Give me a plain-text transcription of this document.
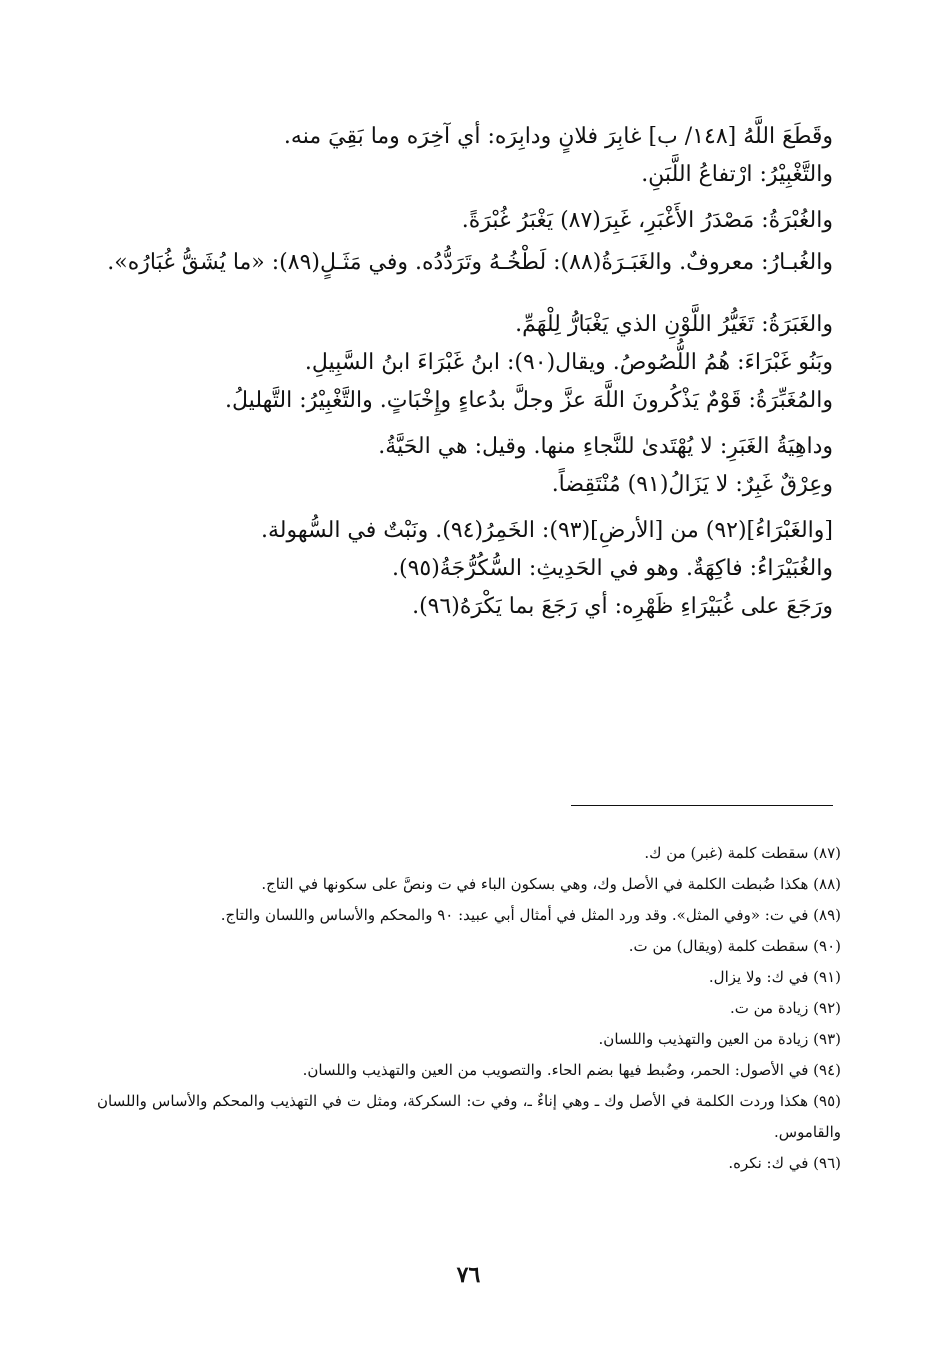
وقَطَعَ اللَّهُ [١٤٨/ ب] غابِرَ فلانٍ ودابِرَه: أي آخِرَه وما بَقِيَ منه.
والتَّغْبِيْرُ: ارْتفاعُ اللَّبَنِ.
والغُبْرَةُ: مَصْدَرُ الأَغْبَرِ، غَبِرَ(٨٧) يَغْبَرُ غُبْرَةً.
والغُبـارُ: معروفٌ. والغَبَـرَةُ(٨٨): لَطْخُـهُ وتَرَدُّدُه. وفي مَثَـلٍ(٨٩): «ما يُشَقُّ غُبَارُه».
والغَبَرَةُ: تَغَيُّرُ اللَّوْنِ الذي يَغْبَارُّ لِلْهَمِّ.
وبَنُو غَبْرَاءَ: هُمُ اللُّصُوصُ. ويقال(٩٠): ابنُ غَبْرَاءَ ابنُ السَّبِيلِ.
والمُغَبِّرَةُ: قَوْمٌ يَذْكُرونَ اللَّهَ عزَّ وجلَّ بدُعاءٍ وإِخْبَاتٍ. والتَّغْبِيْرُ: التَّهليلُ.
وداهِيَةُ الغَبَرِ: لا يُهْتَدىٰ للنَّجاءِ منها. وقيل: هي الحَيَّةُ.
وعِرْقٌ غَبِرٌ: لا يَزَالُ(٩١) مُنْتَقِضاً.
[والغَبْرَاءُ](٩٢) من [الأرضِ](٩٣): الخَمِرُ(٩٤). ونَبْتٌ في السُّهولة.
والغُبَيْرَاءُ: فاكِهَةٌ. وهو في الحَدِيثِ: السُّكُرُّجَةُ(٩٥).
ورَجَعَ على غُبَيْرَاءِ ظَهْرِه: أي رَجَعَ بما يَكْرَهُ(٩٦).
(٨٧) سقطت كلمة (غبر) من ك.
(٨٨) هكذا ضُبطت الكلمة في الأصل وك، وهي بسكون الباء في ت ونصَّ على سكونها في التاج.
(٨٩) في ت: «وفي المثل». وقد ورد المثل في أمثال أبي عبيد: ٩٠ والمحكم والأساس واللسان والتاج.
(٩٠) سقطت كلمة (ويقال) من ت.
(٩١) في ك: ولا يزال.
(٩٢) زيادة من ت.
(٩٣) زيادة من العين والتهذيب واللسان.
(٩٤) في الأصول: الحمر، وضُبط فيها بضم الحاء. والتصويب من العين والتهذيب واللسان.
(٩٥) هكذا وردت الكلمة في الأصل وك ـ وهي إناءٌ ـ، وفي ت: السكركة، ومثل ت في التهذيب والمحكم والأساس واللسان والقاموس.
(٩٦) في ك: نكره.
٧٦
